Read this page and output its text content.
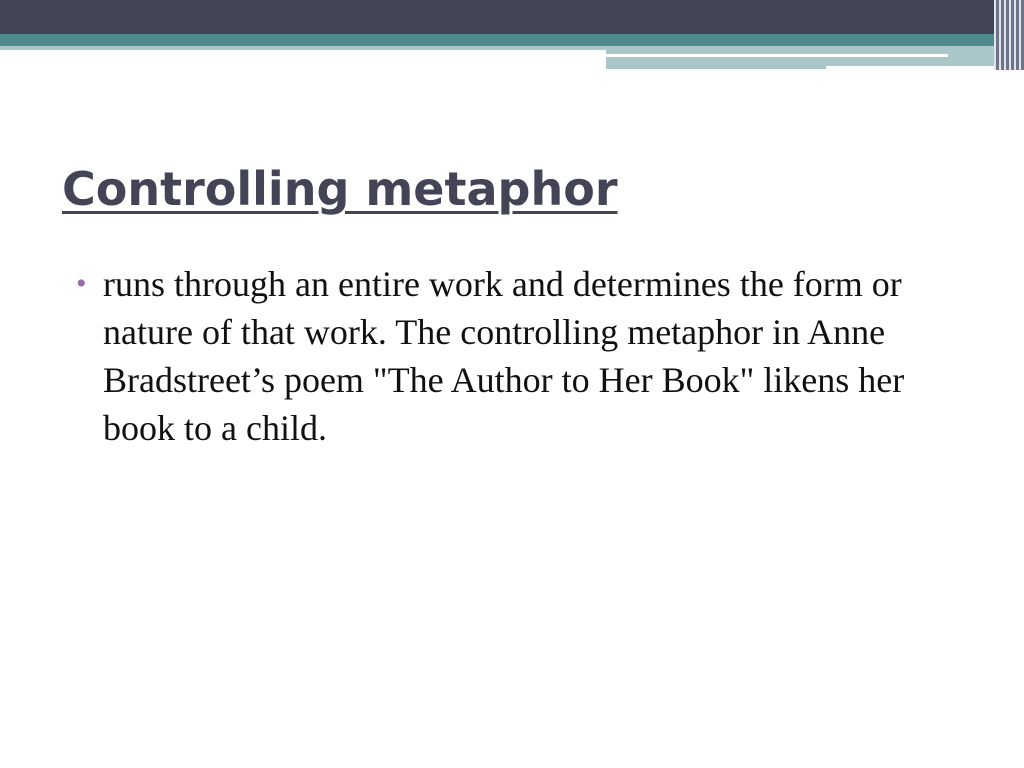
Controlling metaphor
• runs through an entire work and determines the form or nature of that work. The controlling metaphor in Anne Bradstreet’s poem "The Author to Her Book" likens her book to a child.
